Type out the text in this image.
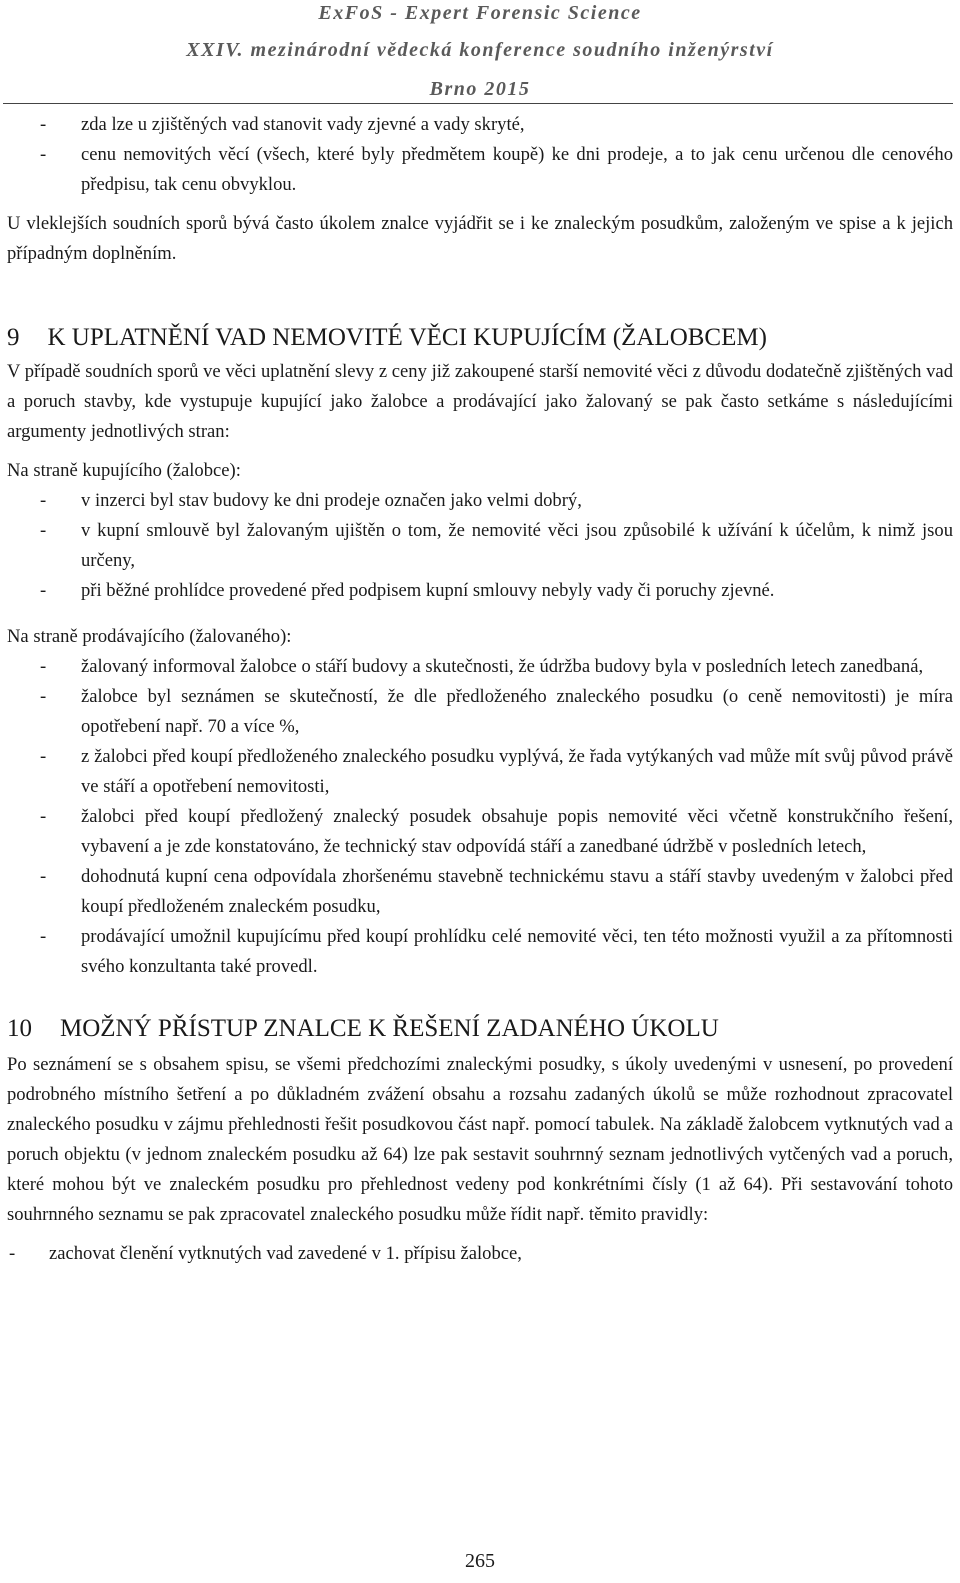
ExFoS - Expert Forensic Science
XXIV. mezinárodní vědecká konference soudního inženýrství
Brno 2015
- zda lze u zjištěných vad stanovit vady zjevné a vady skryté,
- cenu nemovitých věcí (všech, které byly předmětem koupě) ke dni prodeje, a to jak cenu určenou dle cenového předpisu, tak cenu obvyklou.

U vleklejších soudních sporů bývá často úkolem znalce vyjádřit se i ke znaleckým posudkům, založeným ve spise a k jejich případným doplněním.

9 K UPLATNĚNÍ VAD NEMOVITÉ VĚCI KUPUJÍCÍM (ŽALOBCEM)

V případě soudních sporů ve věci uplatnění slevy z ceny již zakoupené starší nemovité věci z důvodu dodatečně zjištěných vad a poruch stavby, kde vystupuje kupující jako žalobce a prodávající jako žalovaný se pak často setkáme s následujícími argumenty jednotlivých stran:

Na straně kupujícího (žalobce):

- v inzerci byl stav budovy ke dni prodeje označen jako velmi dobrý,
- v kupní smlouvě byl žalovaným ujištěn o tom, že nemovité věci jsou způsobilé k užívání k účelům, k nimž jsou určeny,
- při běžné prohlídce provedené před podpisem kupní smlouvy nebyly vady či poruchy zjevné.

Na straně prodávajícího (žalovaného):

- žalovaný informoval žalobce o stáří budovy a skutečnosti, že údržba budovy byla v posledních letech zanedbaná,
- žalobce byl seznámen se skutečností, že dle předloženého znaleckého posudku (o ceně nemovitosti) je míra opotřebení např. 70 a více %,
- z žalobci před koupí předloženého znaleckého posudku vyplývá, že řada vytýkaných vad může mít svůj původ právě ve stáří a opotřebení nemovitosti,
- žalobci před koupí předložený znalecký posudek obsahuje popis nemovité věci včetně konstrukčního řešení, vybavení a je zde konstatováno, že technický stav odpovídá stáří a zanedbané údržbě v posledních letech,
- dohodnutá kupní cena odpovídala zhoršenému stavebně technickému stavu a stáří stavby uvedeným v žalobci před koupí předloženém znaleckém posudku,
- prodávající umožnil kupujícímu před koupí prohlídku celé nemovité věci, ten této možnosti využil a za přítomnosti svého konzultanta také provedl.
10 MOŽNÝ PŘÍSTUP ZNALCE K ŘEŠENÍ ZADANÉHO ÚKOLU

Po seznámení se s obsahem spisu, se všemi předchozími znaleckými posudky, s úkoly uvedenými v usnesení, po provedení podrobného místního šetření a po důkladném zvážení obsahu a rozsahu zadaných úkolů se může rozhodnout zpracovatel znaleckého posudku v zájmu přehlednosti řešit posudkovou část např. pomocí tabulek. Na základě žalobcem vytknutých vad a poruch objektu (v jednom znaleckém posudku až 64) lze pak sestavit souhrnný seznam jednotlivých vytčených vad a poruch, které mohou být ve znaleckém posudku pro přehlednost vedeny pod konkrétními čísly (1 až 64). Při sestavování tohoto souhrnného seznamu se pak zpracovatel znaleckého posudku může řídit např. těmito pravidly:

- zachovat členění vytknutých vad zavedené v 1. přípisu žalobce,
265
